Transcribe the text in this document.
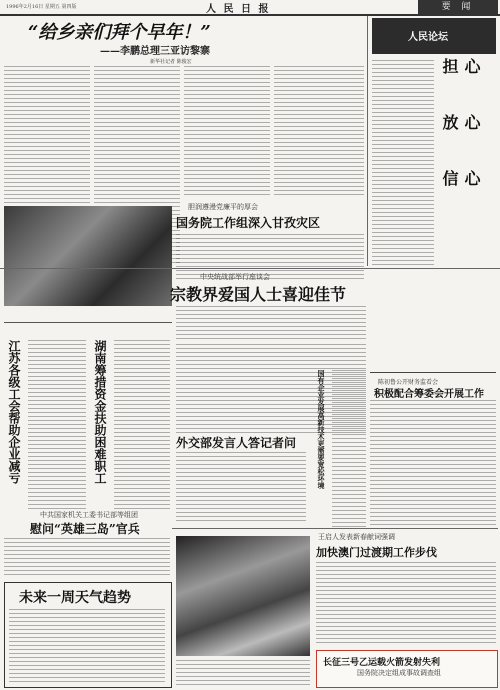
1996年2月16日 星期五 第四版	人 民 日 报	要 闻
“给乡亲们拜个早年！”
——李鹏总理三亚访黎寨
新华社记者 陈俊宏
人民论坛
担 心
放 心
信 心
胆润遵漫党廉平的厚会
国务院工作组深入甘孜灾区
中央统战部举行座谈会
宗教界爱国人士喜迎佳节
江苏各级工会帮助企业减亏	湖南筹措资金扶助困难职工	国有企业发展高新技术更需要宽松环境	陈初鲁公开财务监看会
积极配合筹委会开展工作
外交部发言人答记者问
中共国家机关工委书记部等组团
慰问“英雄三岛”官兵
王启人发表新春献词强调
加快澳门过渡期工作步伐
未来一周天气趋势
长征三号乙运载火箭发射失利
国务院决定组成事故调查组
